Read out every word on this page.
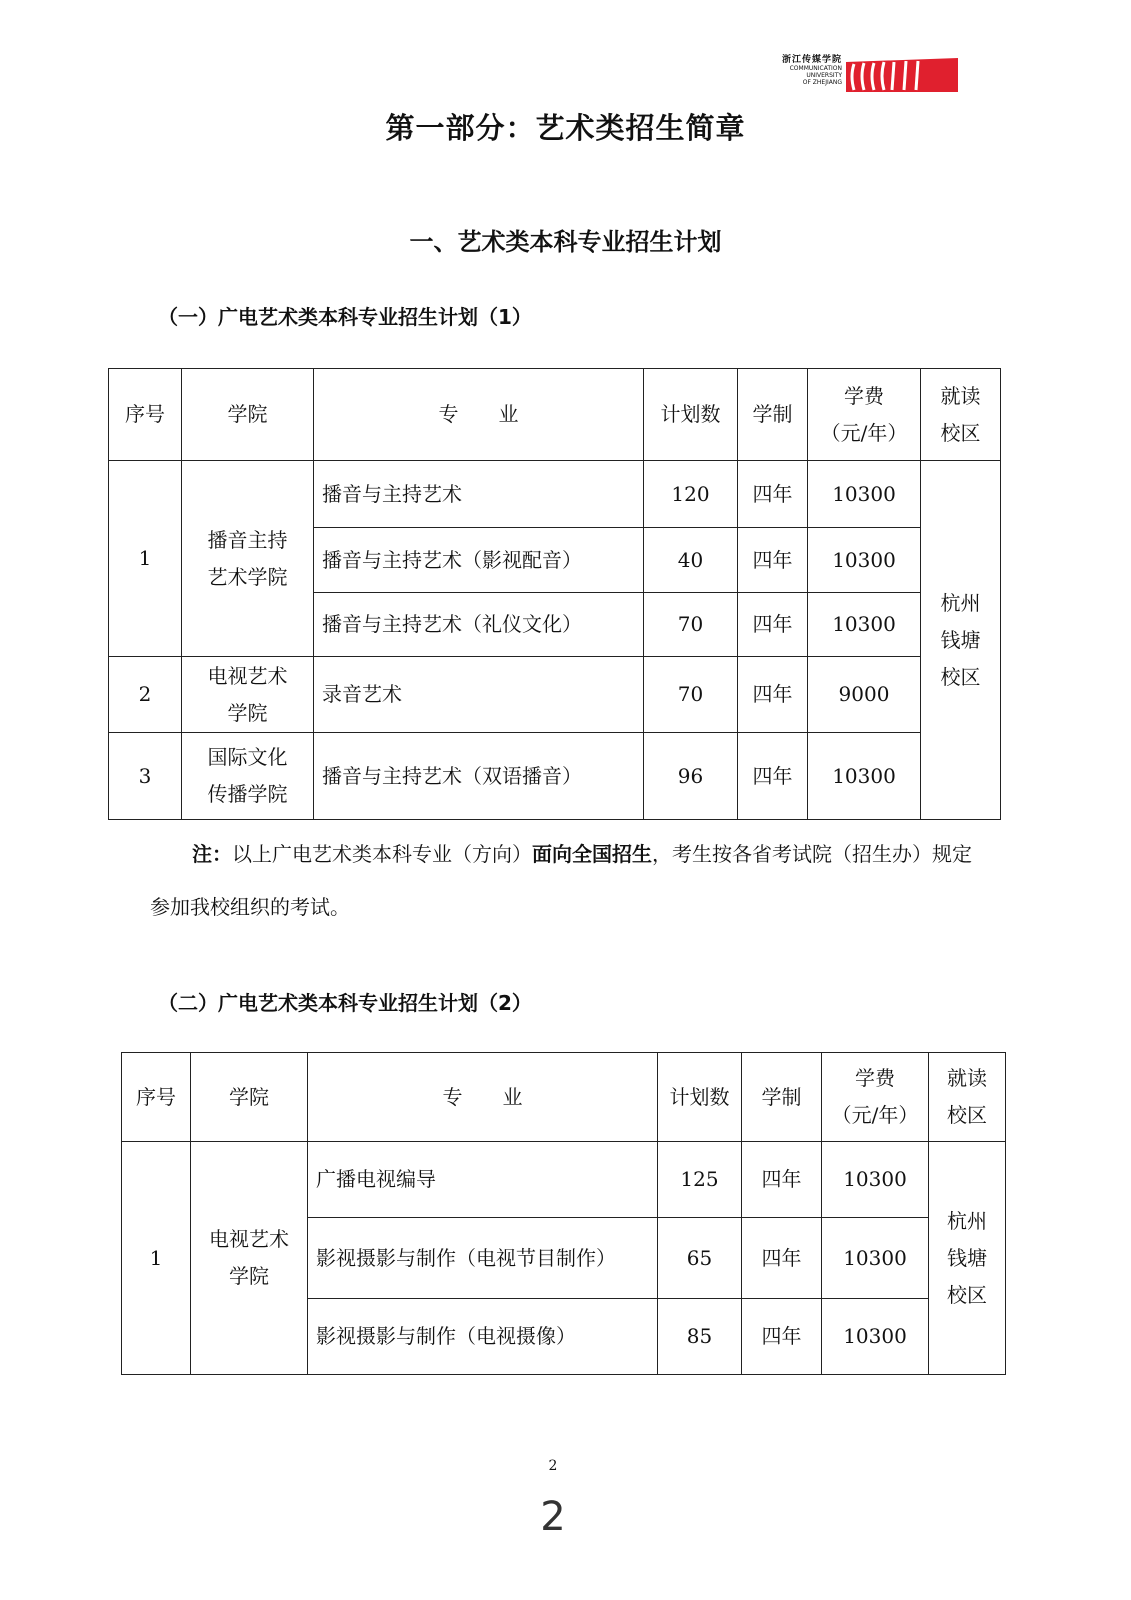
浙江传媒学院
COMMUNICATION
UNIVERSITY
OF ZHEJIANG
第一部分：艺术类招生简章
一、艺术类本科专业招生计划
（一）广电艺术类本科专业招生计划（1）
序号	学院	专　　业	计划数	学制	学费
（元/年）	就读
校区
1	播音主持
艺术学院	播音与主持艺术	120	四年	10300	杭州
钱塘
校区
		播音与主持艺术（影视配音）	40	四年	10300	
		播音与主持艺术（礼仪文化）	70	四年	10300	
2	电视艺术
学院	录音艺术	70	四年	9000	
3	国际文化
传播学院	播音与主持艺术（双语播音）	96	四年	10300	
注：以上广电艺术类本科专业（方向）面向全国招生，考生按各省考试院（招生办）规定参加我校组织的考试。
（二）广电艺术类本科专业招生计划（2）
序号	学院	专　　业	计划数	学制	学费
（元/年）	就读
校区
1	电视艺术
学院	广播电视编导	125	四年	10300	杭州
钱塘
校区
		影视摄影与制作（电视节目制作）	65	四年	10300	
		影视摄影与制作（电视摄像）	85	四年	10300	
2
2
